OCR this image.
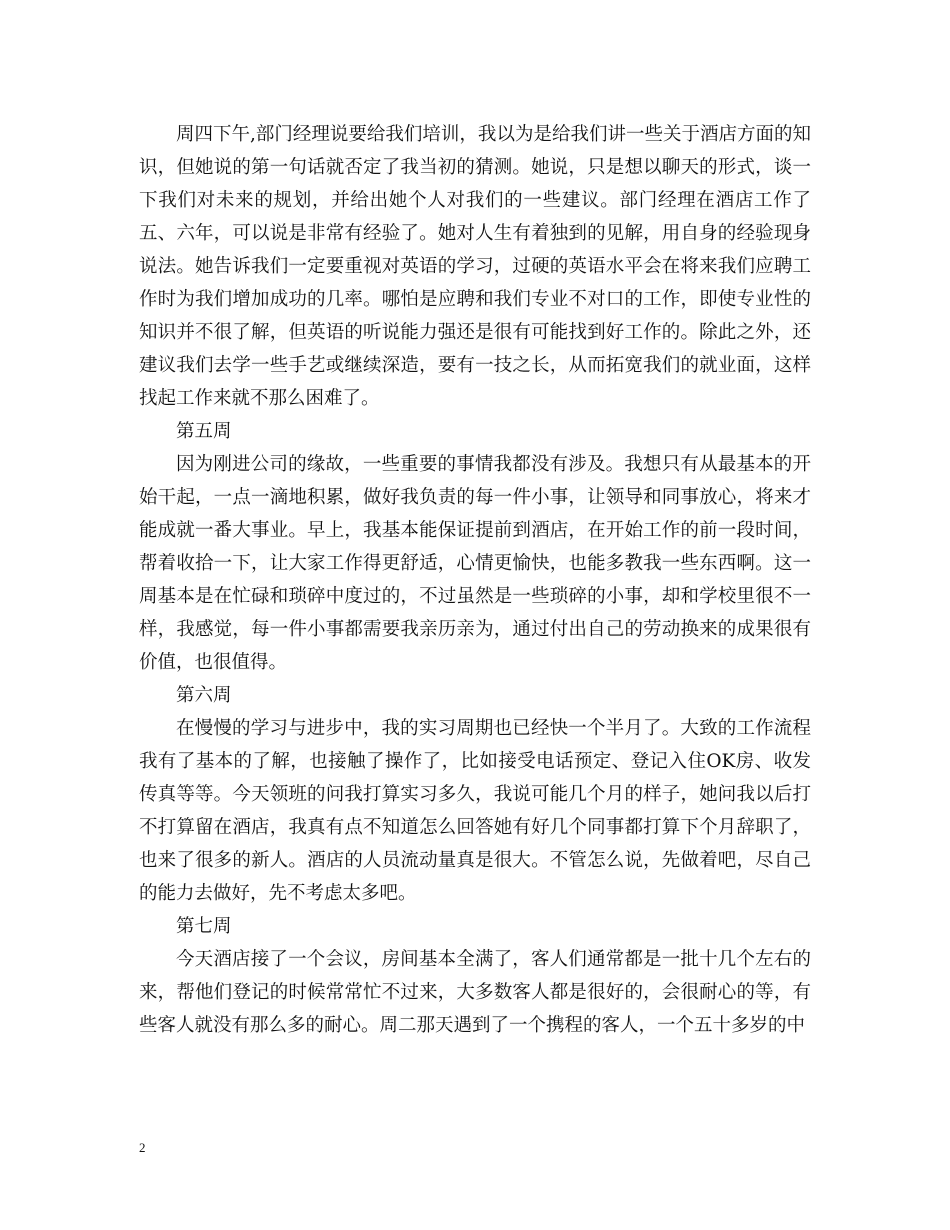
周四下午,部门经理说要给我们培训，我以为是给我们讲一些关于酒店方面的知识，但她说的第一句话就否定了我当初的猜测。她说，只是想以聊天的形式，谈一下我们对未来的规划，并给出她个人对我们的一些建议。部门经理在酒店工作了五、六年，可以说是非常有经验了。她对人生有着独到的见解，用自身的经验现身说法。她告诉我们一定要重视对英语的学习，过硬的英语水平会在将来我们应聘工作时为我们增加成功的几率。哪怕是应聘和我们专业不对口的工作，即使专业性的知识并不很了解，但英语的听说能力强还是很有可能找到好工作的。除此之外，还建议我们去学一些手艺或继续深造，要有一技之长，从而拓宽我们的就业面，这样找起工作来就不那么困难了。

第五周

因为刚进公司的缘故，一些重要的事情我都没有涉及。我想只有从最基本的开始干起，一点一滴地积累，做好我负责的每一件小事，让领导和同事放心，将来才能成就一番大事业。早上，我基本能保证提前到酒店，在开始工作的前一段时间，帮着收拾一下，让大家工作得更舒适，心情更愉快，也能多教我一些东西啊。这一周基本是在忙碌和琐碎中度过的，不过虽然是一些琐碎的小事，却和学校里很不一样，我感觉，每一件小事都需要我亲历亲为，通过付出自己的劳动换来的成果很有价值，也很值得。

第六周

在慢慢的学习与进步中，我的实习周期也已经快一个半月了。大致的工作流程我有了基本的了解，也接触了操作了，比如接受电话预定、登记入住OK房、收发传真等等。今天领班的问我打算实习多久，我说可能几个月的样子，她问我以后打不打算留在酒店，我真有点不知道怎么回答她有好几个同事都打算下个月辞职了，也来了很多的新人。酒店的人员流动量真是很大。不管怎么说，先做着吧，尽自己的能力去做好，先不考虑太多吧。

第七周

今天酒店接了一个会议，房间基本全满了，客人们通常都是一批十几个左右的来，帮他们登记的时候常常忙不过来，大多数客人都是很好的，会很耐心的等，有些客人就没有那么多的耐心。周二那天遇到了一个携程的客人，一个五十多岁的中

2
